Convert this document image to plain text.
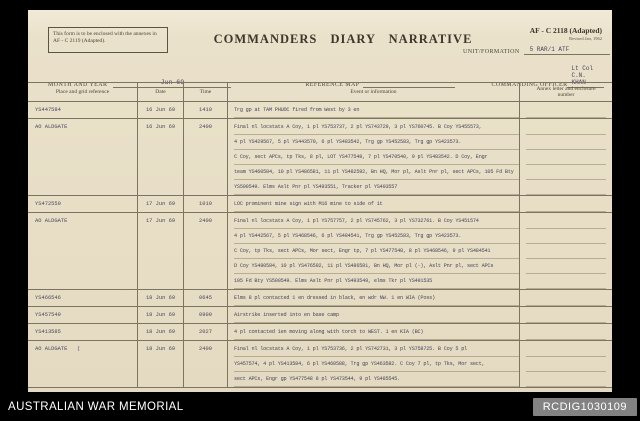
This form is to be enclosed with the annexes in AF - C 2119 (Adapted).	COMMANDERS DIARY NARRATIVE
AF - C 2118 (Adapted)
Revised Jan, 1962
UNIT/FORMATION	5 RAR/1 ATF
MONTH AND YEAR	Jun 69	REFERENCE MAP	COMMANDING OFFICER
Lt Col C.N. KHAN
Place and grid reference	Date	Time	Event or information	Annex letter and enclosure number
YS447584	16 Jun 69	1410	Trg gp at TAM PHUOC fired from West by 3 en
AO ALDGATE	16 Jun 69	2400	Final nl locstats A Coy, 1 pl YS753737, 2 pl YS743729, 3 pl YS760745. B Coy YS455573,
4 pl YS429567, 5 pl YS443570, 6 pl YS483542, Trg gp YS452583, Trg gp YS423573.
C Coy, sect APCs, tp Tks, 8 pl, LOT YS477548, 7 pl YS470540, 9 pl YS483542. D Coy, Engr
team YS460584, 10 pl YS486581, 11 pl YS482592, Bn HQ, Mor pl, Aslt Pnr pl, sect APCs, 105 Fd Bty
YS500549. Elms Aslt Pnr pl YS493551, Tracker pl YS493557
YS472550	17 Jun 69	1010	LOC prominent mine sign with M16 mine to side of it
AO ALDGATE	17 Jun 69	2400	Final nl locstats A Coy, 1 pl YS757757, 2 pl YS745762, 3 pl YS732761. B Coy YS451574
4 pl YS442567, 5 pl YS468546, 6 pl YS484541, Trg gp YS452583, Trg gp YS423573.
C Coy, tp Tks, sect APCs, Mor sect, Engr tp, 7 pl YS477548, 8 pl YS468546, 9 pl YS484541
D Coy YS480584, 10 pl YS476592, 11 pl YS486581, Bn HQ, Mor pl (-), Aslt Pnr pl, sect APCs
105 Fd Bty YS500549. Elms Aslt Pnr pl YS493549, elms Tkr pl YS491535
YS466546	18 Jun 69	0645	Elms 8 pl contacted 1 en dressed in black, en wdr NW. 1 en WIA (Poss)
YS457549	18 Jun 69	0900	Airstrike inserted into en base camp
YS413585	18 Jun 69	2027	4 pl contacted 1en moving along with torch to WEST. 1 en KIA (BC)
AO ALDGATE   (	18 Jun 69	2400	Final nl locstats A Coy, 1 pl YS753736, 2 pl YS742731, 3 pl YS758725. B Coy 5 pl
YS457574, 4 pl YS413584, 6 pl YS460588, Trg gp YS463582. C Coy 7 pl, tp Tks, Mor sect,
sect APCs, Engr gp YS477548 8 pl YS473544, 9 pl YS485545.
AUSTRALIAN WAR MEMORIAL	RCDIG1030109
